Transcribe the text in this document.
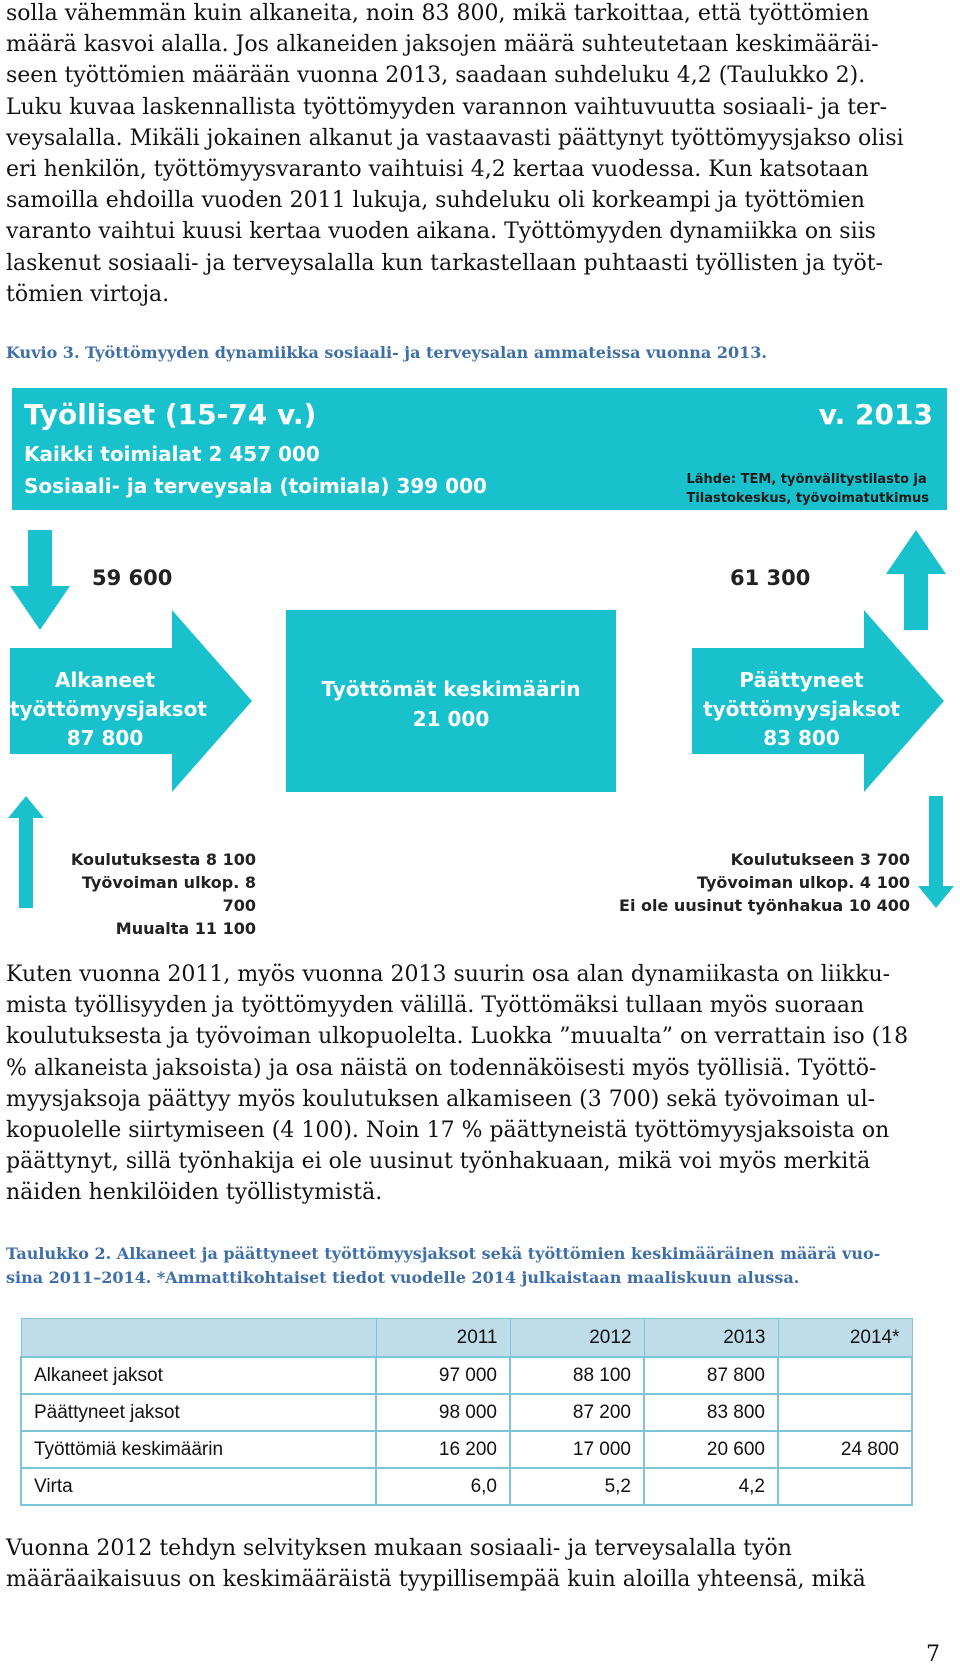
solla vähemmän kuin alkaneita, noin 83 800, mikä tarkoittaa, että työttömien

määrä kasvoi alalla. Jos alkaneiden jaksojen määrä suhteutetaan keskimääräi-

seen työttömien määrään vuonna 2013, saadaan suhdeluku 4,2 (Taulukko 2).

Luku kuvaa laskennallista työttömyyden varannon vaihtuvuutta sosiaali- ja ter-

veysalalla. Mikäli jokainen alkanut ja vastaavasti päättynyt työttömyysjakso olisi

eri henkilön, työttömyysvaranto vaihtuisi 4,2 kertaa vuodessa. Kun katsotaan

samoilla ehdoilla vuoden 2011 lukuja, suhdeluku oli korkeampi ja työttömien

varanto vaihtui kuusi kertaa vuoden aikana. Työttömyyden dynamiikka on siis

laskenut sosiaali- ja terveysalalla kun tarkastellaan puhtaasti työllisten ja työt-

tömien virtoja.

Kuvio 3. Työttömyyden dynamiikka sosiaali- ja terveysalan ammateissa vuonna 2013.
Työlliset (15-74 v.)
Kaikki toimialat 2 457 000
Sosiaali- ja terveysala (toimiala) 399 000
v. 2013
Lähde: TEM, työnvälitystilasto ja
Tilastokeskus, työvoimatutkimus
59 600	61 300
Alkaneet
työttömyysjaksot
87 800
Työttömät keskimäärin
21 000
Päättyneet
työttömyysjaksot
83 800
Koulutuksesta 8 100
Työvoiman ulkop. 8 700
Muualta 11 100
Koulutukseen 3 700
Työvoiman ulkop. 4 100
Ei ole uusinut työnhakua 10 400

Kuten vuonna 2011, myös vuonna 2013 suurin osa alan dynamiikasta on liikku-

mista työllisyyden ja työttömyyden välillä. Työttömäksi tullaan myös suoraan

koulutuksesta ja työvoiman ulkopuolelta. Luokka ”muualta” on verrattain iso (18

% alkaneista jaksoista) ja osa näistä on todennäköisesti myös työllisiä. Työttö-

myysjaksoja päättyy myös koulutuksen alkamiseen (3 700) sekä työvoiman ul-

kopuolelle siirtymiseen (4 100). Noin 17 % päättyneistä työttömyysjaksoista on

päättynyt, sillä työnhakija ei ole uusinut työnhakuaan, mikä voi myös merkitä

näiden henkilöiden työllistymistä.

Taulukko 2. Alkaneet ja päättyneet työttömyysjaksot sekä työttömien keskimääräinen määrä vuo-
sina 2011–2014. *Ammattikohtaiset tiedot vuodelle 2014 julkaistaan maaliskuun alussa.
	2011	2012	2013	2014*
Alkaneet jaksot	97 000	88 100	87 800	
Päättyneet jaksot	98 000	87 200	83 800	
Työttömiä keskimäärin	16 200	17 000	20 600	24 800
Virta	6,0	5,2	4,2	

Vuonna 2012 tehdyn selvityksen mukaan sosiaali- ja terveysalalla työn

määräaikaisuus on keskimääräistä tyypillisempää kuin aloilla yhteensä, mikä

7
